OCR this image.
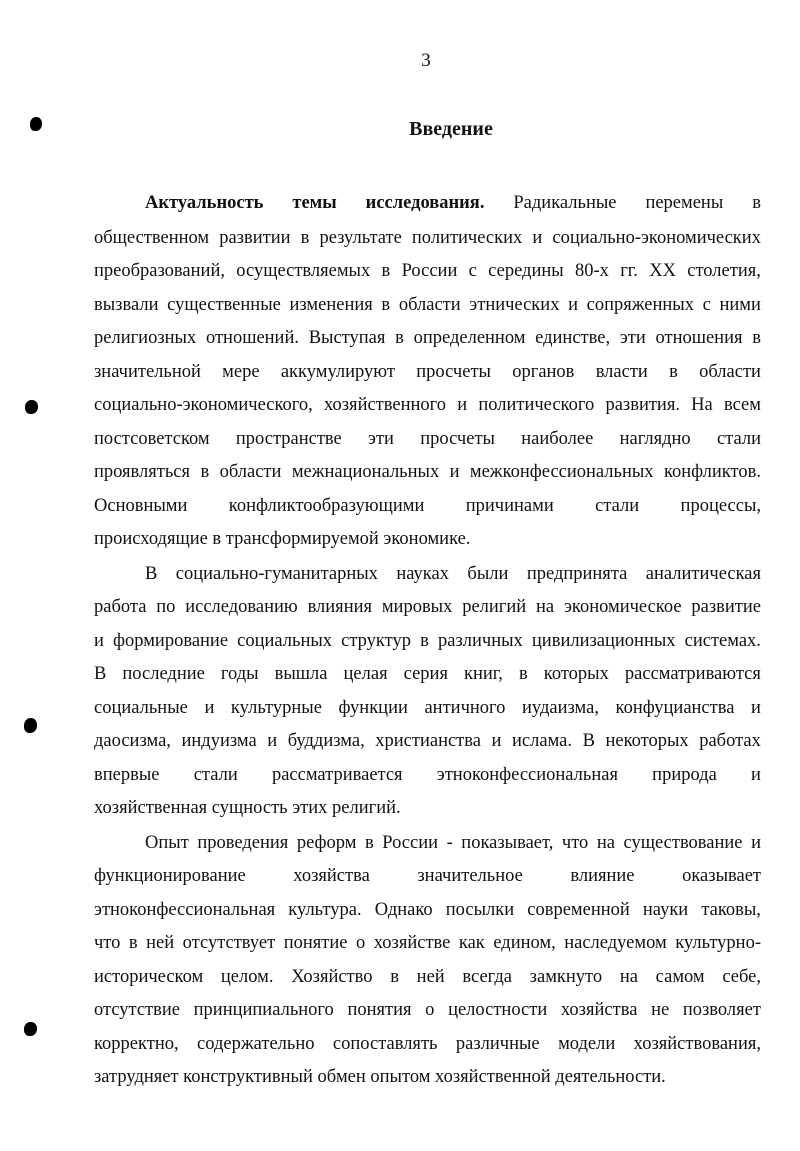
3
Введение
Актуальность темы исследования. Радикальные перемены в
общественном развитии в результате политических и социально-экономических
преобразований, осуществляемых в России с середины 80-х гг. XX столетия,
вызвали существенные изменения в области этнических и сопряженных с ними
религиозных отношений. Выступая в определенном единстве, эти отношения в
значительной мере аккумулируют просчеты органов власти в области
социально-экономического, хозяйственного и политического развития. На всем
постсоветском пространстве эти просчеты наиболее наглядно стали
проявляться в области межнациональных и межконфессиональных конфликтов.
Основными конфликтообразующими причинами стали процессы,
происходящие в трансформируемой экономике.
В социально-гуманитарных науках были предпринята аналитическая
работа по исследованию влияния мировых религий на экономическое развитие
и формирование социальных структур в различных цивилизационных системах.
В последние годы вышла целая серия книг, в которых рассматриваются
социальные и культурные функции античного иудаизма, конфуцианства и
даосизма, индуизма и буддизма, христианства и ислама. В некоторых работах
впервые стали рассматривается этноконфессиональная природа и
хозяйственная сущность этих религий.
Опыт проведения реформ в России - показывает, что на существование и
функционирование	хозяйства	значительное	влияние	оказывает
этноконфессиональная культура. Однако посылки современной науки таковы,
что в ней отсутствует понятие о хозяйстве как едином, наследуемом культурно-
историческом целом. Хозяйство в ней всегда замкнуто на самом себе,
отсутствие принципиального понятия о целостности хозяйства не позволяет
корректно, содержательно сопоставлять различные модели хозяйствования,
затрудняет конструктивный обмен опытом хозяйственной деятельности.
